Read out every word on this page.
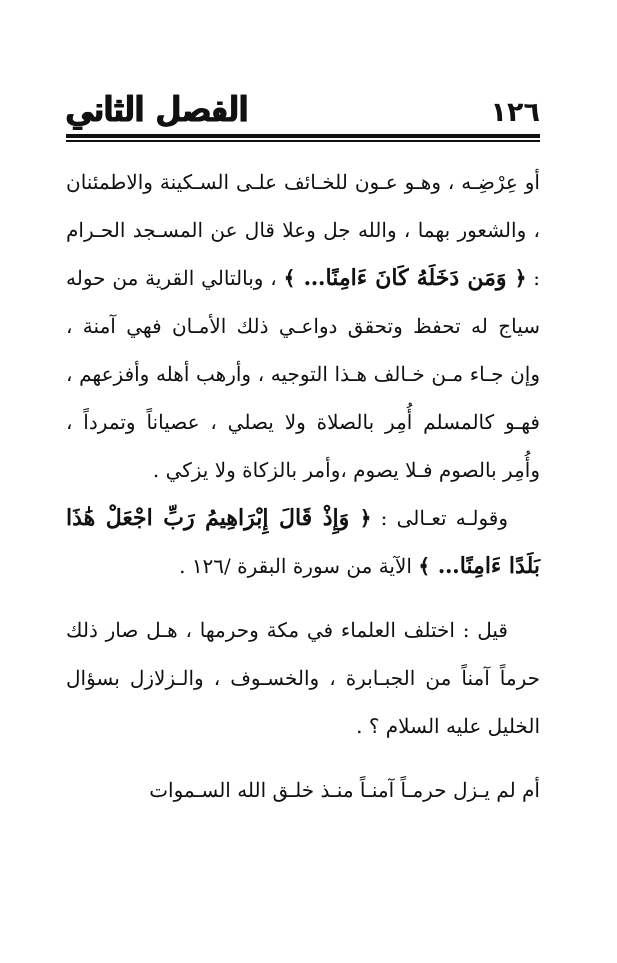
الفصل الثاني	١٢٦

أو عِرْضِـه ، وهـو عـون للخـائف علـى السـكينة والاطمئنان ، والشعور بهما ، والله جل وعلا قال عن المسـجد الحـرام : ﴿ وَمَن دَخَلَهُ كَانَ ءَامِنًا… ﴾ ، وبالتالي القرية من حوله سياج له تحفظ وتحقق دواعـي ذلك الأمـان فهي آمنة ، وإن جـاء مـن خـالف هـذا التوجيه ، وأرهب أهله وأفزعهم ، فهـو كالمسلم أُمِر بالصلاة ولا يصلي ، عصياناً وتمرداً ، وأُمِر بالصوم فـلا يصوم ،وأمر بالزكاة ولا يزكي .

وقولـه تعـالى : ﴿ وَإِذْ قَالَ إِبْرَاهِيمُ رَبِّ اجْعَلْ هَٰذَا بَلَدًا ءَامِنًا… ﴾ الآية من سورة البقرة /١٢٦ .

قيل : اختلف العلماء في مكة وحرمها ، هـل صار ذلك حرماً آمناً من الجبـابرة ، والخسـوف ، والـزلازل بسؤال الخليل عليه السلام ؟ .

أم لم يـزل حرمـاً آمنـاً منـذ خلـق الله السـموات
